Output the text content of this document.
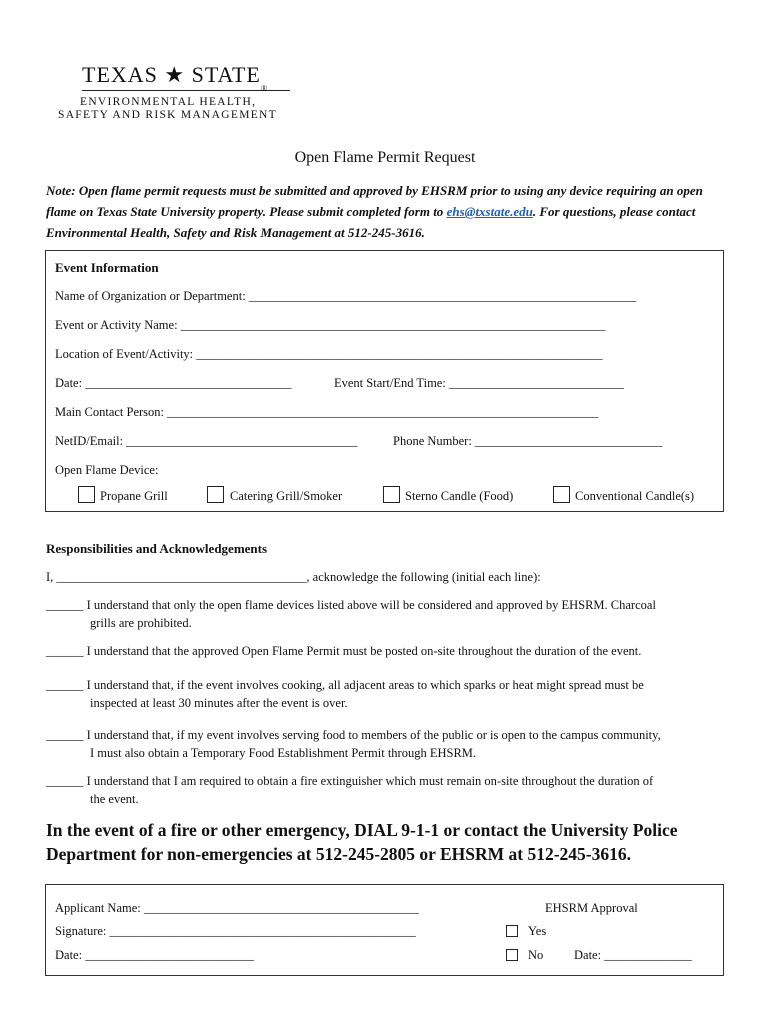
TEXAS ★ STATE
®
ENVIRONMENTAL HEALTH,
SAFETY AND RISK MANAGEMENT
Open Flame Permit Request
Note: Open flame permit requests must be submitted and approved by EHSRM prior to using any device requiring an open flame on Texas State University property. Please submit completed form to ehs@txstate.edu. For questions, please contact Environmental Health, Safety and Risk Management at 512-245-3616.
Event Information
Name of Organization or Department: ______________________________________________________________
Event or Activity Name: ____________________________________________________________________
Location of Event/Activity: _________________________________________________________________
Date: _________________________________	Event Start/End Time: ____________________________
Main Contact Person: _____________________________________________________________________
NetID/Email: _____________________________________	Phone Number: ______________________________
Open Flame Device:
Propane Grill	Catering Grill/Smoker	Sterno Candle (Food)	Conventional Candle(s)
Responsibilities and Acknowledgements
I, ________________________________________, acknowledge the following (initial each line):
______ I understand that only the open flame devices listed above will be considered and approved by EHSRM. Charcoal
grills are prohibited.
______ I understand that the approved Open Flame Permit must be posted on-site throughout the duration of the event.
______ I understand that, if the event involves cooking, all adjacent areas to which sparks or heat might spread must be
inspected at least 30 minutes after the event is over.
______ I understand that, if my event involves serving food to members of the public or is open to the campus community,
I must also obtain a Temporary Food Establishment Permit through EHSRM.
______ I understand that I am required to obtain a fire extinguisher which must remain on-site throughout the duration of
the event.
In the event of a fire or other emergency, DIAL 9-1-1 or contact the University Police Department for non-emergencies at 512-245-2805 or EHSRM at 512-245-3616.
Applicant Name: ____________________________________________
Signature: _________________________________________________
Date: ___________________________
EHSRM Approval
Yes
No Date: ______________
